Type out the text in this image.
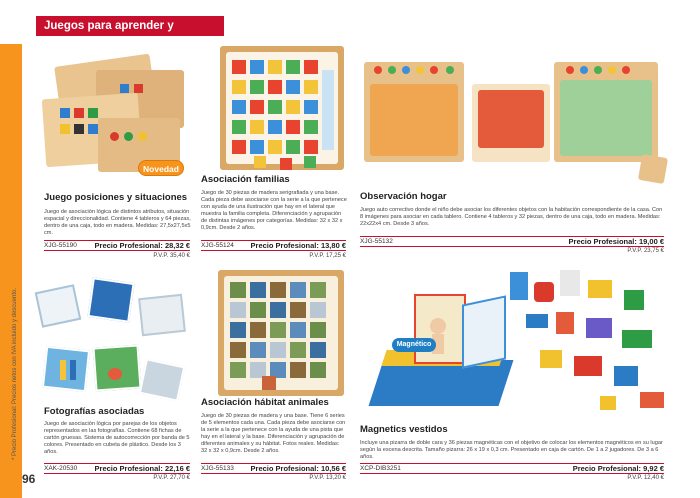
Juegos para aprender y descubrir
* Precio Profesional: Precios netos con IVA incluido y descuento.
96
Novedad
Juego posiciones y situaciones
Juego de asociación lógica de distintos atributos, situación espacial y direccionalidad. Contiene 4 tableros y 64 piezas, dentro de una caja, todo en madera. Medidas: 27,5x27,5x5 cm.
XJG-55190 Precio Profesional: 28,32 €
P.V.P. 35,40 €
Asociación familias
Juego de 30 piezas de madera serigrafiada y una base. Cada pieza debe asociarse con la serie a la que pertenece con ayuda de una ilustración que hay en el lateral que muestra la familia completa. Diferenciación y agrupación de distintas imágenes por categorías. Medidas: 32 x 32 x 0,9cm. Desde 2 años.
XJG-55124 Precio Profesional: 13,80 €
P.V.P. 17,25 €
Observación hogar
Juego auto correctivo donde el niño debe asociar los diferentes objetos con la habitación correspondiente de la casa. Con 8 imágenes para asociar en cada tablero. Contiene 4 tableros y 32 piezas, dentro de una caja, todo en madera. Medidas: 22x22x4 cm. Desde 3 años.
XJG-55132	Precio Profesional: 19,00 €
P.V.P. 23,75 €
Fotografías asociadas
Juego de asociación lógica por parejas de los objetos representados en las fotografías. Contiene 68 fichas de cartón gruesas. Sistema de autocorrección por banda de 5 colores. Presentado en cubeta de plástico. Desde los 3 años.
XAK-20530 Precio Profesional: 22,16 €
P.V.P. 27,70 €
Asociación hábitat animales
Juego de 30 piezas de madera y una base. Tiene 6 series de 5 elementos cada una. Cada pieza debe asociarse con la serie a la que pertenece con la ayuda de una pista que hay en el lateral y la base. Diferenciación y agrupación de diferentes animales y su hábitat. Fotos reales. Medidas: 32 x 32 x 0,9cm. Desde 2 años.
XJG-55133 Precio Profesional: 10,56 €
P.V.P. 13,20 €
Magnético
Magnetics vestidos
Incluye una pizarra de doble cara y 36 piezas magnéticas con el objetivo de colocar los elementos magnéticos en su lugar según la escena descrita. Tamaño pizarra: 26 x 19 x 0,3 cm. Presentado en caja de cartón. De 1 a 2 jugadores. De 3 a 6 años.
XCP-DIB3251	Precio Profesional: 9,92 €
P.V.P. 12,40 €
